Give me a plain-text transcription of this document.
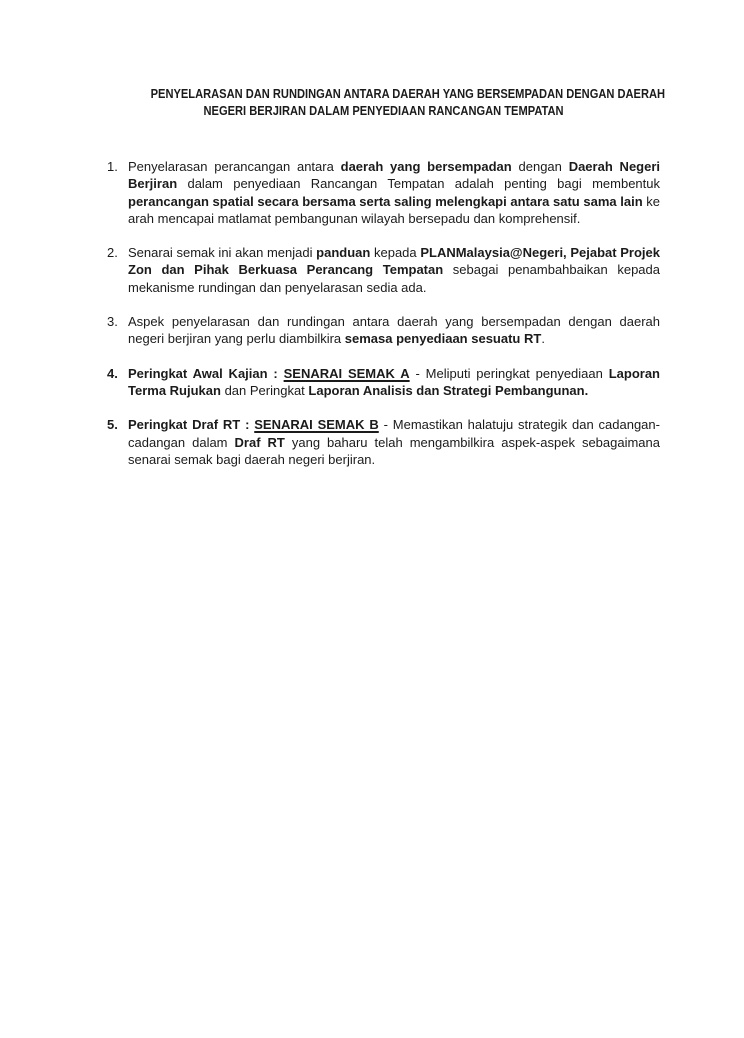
PENYELARASAN DAN RUNDINGAN ANTARA DAERAH YANG BERSEMPADAN DENGAN DAERAH
NEGERI BERJIRAN DALAM PENYEDIAAN RANCANGAN TEMPATAN
1. Penyelarasan perancangan antara daerah yang bersempadan dengan Daerah Negeri Berjiran dalam penyediaan Rancangan Tempatan adalah penting bagi membentuk perancangan spatial secara bersama serta saling melengkapi antara satu sama lain ke arah mencapai matlamat pembangunan wilayah bersepadu dan komprehensif.
2. Senarai semak ini akan menjadi panduan kepada PLANMalaysia@Negeri, Pejabat Projek Zon dan Pihak Berkuasa Perancang Tempatan sebagai penambahbaikan kepada mekanisme rundingan dan penyelarasan sedia ada.
3. Aspek penyelarasan dan rundingan antara daerah yang bersempadan dengan daerah negeri berjiran yang perlu diambilkira semasa penyediaan sesuatu RT.
4. Peringkat Awal Kajian : SENARAI SEMAK A - Meliputi peringkat penyediaan Laporan Terma Rujukan dan Peringkat Laporan Analisis dan Strategi Pembangunan.
5. Peringkat Draf RT : SENARAI SEMAK B - Memastikan halatuju strategik dan cadangan-cadangan dalam Draf RT yang baharu telah mengambilkira aspek-aspek sebagaimana senarai semak bagi daerah negeri berjiran.
